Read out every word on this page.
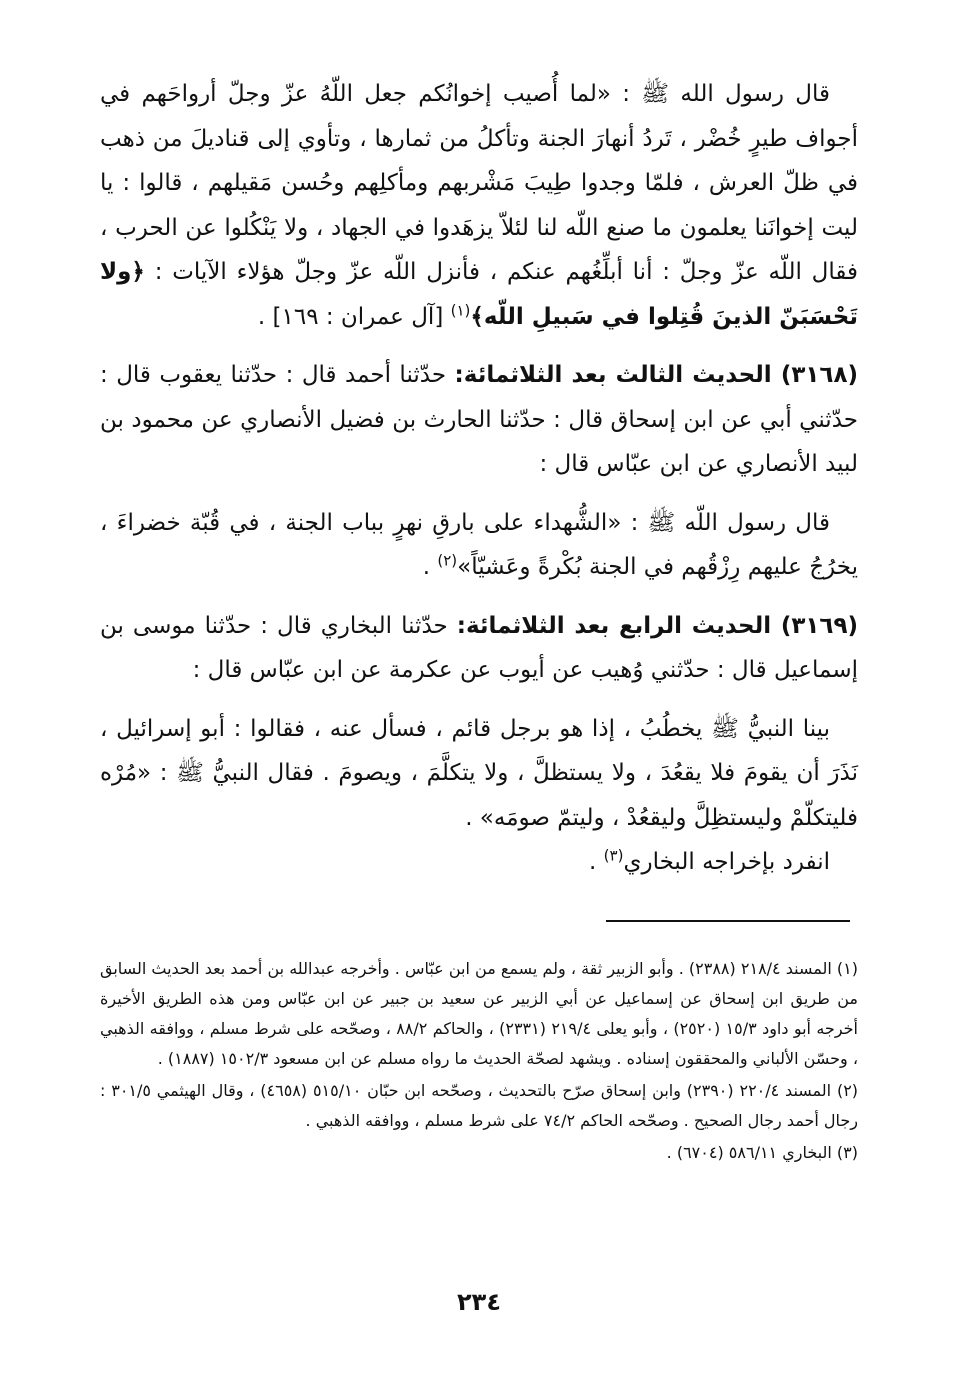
قال رسول الله ﷺ : «لما أُصيب إخوانُكم جعل اللّهُ عزّ وجلّ أرواحَهم في أجواف طيرٍ خُضْر ، تَردُ أنهارَ الجنة وتأكلُ من ثمارها ، وتأوي إلى قناديلَ من ذهب في ظلّ العرش ، فلمّا وجدوا طِيبَ مَشْربهم ومأكلِهم وحُسن مَقيلهم ، قالوا : يا ليت إخوانَنا يعلمون ما صنع اللّه لنا لئلاّ يزهَدوا في الجهاد ، ولا يَنْكُلوا عن الحرب ، فقال اللّه عزّ وجلّ : أنا أبلِّغُهم عنكم ، فأنزل اللّه عزّ وجلّ هؤلاء الآيات : ﴿ولا تَحْسَبَنّ الذينَ قُتِلوا في سَبيلِ اللّه﴾$^{(١)}$ [آل عمران : ١٦٩] .

(٣١٦٨) الحديث الثالث بعد الثلاثمائة: حدّثنا أحمد قال : حدّثنا يعقوب قال : حدّثني أبي عن ابن إسحاق قال : حدّثنا الحارث بن فضيل الأنصاري عن محمود بن لبيد الأنصاري عن ابن عبّاس قال :

قال رسول اللّه ﷺ : «الشُّهداء على بارقِ نهرٍ بباب الجنة ، في قُبّة خضراءَ ، يخرُجُ عليهم رِزْقُهم في الجنة بُكْرةً وعَشيّاً»$^{(٢)}$ .

(٣١٦٩) الحديث الرابع بعد الثلاثمائة: حدّثنا البخاري قال : حدّثنا موسى بن إسماعيل قال : حدّثني وُهيب عن أيوب عن عكرمة عن ابن عبّاس قال :

بينا النبيُّ ﷺ يخطُبُ ، إذا هو برجل قائم ، فسأل عنه ، فقالوا : أبو إسرائيل ، نَذَرَ أن يقومَ فلا يقعُدَ ، ولا يستظلَّ ، ولا يتكلَّمَ ، ويصومَ . فقال النبيُّ ﷺ : «مُرْه فليتكلّمْ وليستظِلَّ وليقعُدْ ، وليتمّ صومَه» .

انفرد بإخراجه البخاري$^{(٣)}$ .

(١) المسند ٢١٨/٤ (٢٣٨٨) . وأبو الزبير ثقة ، ولم يسمع من ابن عبّاس . وأخرجه عبدالله بن أحمد بعد الحديث السابق من طريق ابن إسحاق عن إسماعيل عن أبي الزبير عن سعيد بن جبير عن ابن عبّاس ومن هذه الطريق الأخيرة أخرجه أبو داود ١٥/٣ (٢٥٢٠) ، وأبو يعلى ٢١٩/٤ (٢٣٣١) ، والحاكم ٨٨/٢ ، وصحّحه على شرط مسلم ، ووافقه الذهبي ، وحسّن الألباني والمحققون إسناده . ويشهد لصحّة الحديث ما رواه مسلم عن ابن مسعود ١٥٠٢/٣ (١٨٨٧) .

(٢) المسند ٢٢٠/٤ (٢٣٩٠) وابن إسحاق صرّح بالتحديث ، وصحّحه ابن حبّان ٥١٥/١٠ (٤٦٥٨) ، وقال الهيثمي ٣٠١/٥ : رجال أحمد رجال الصحيح . وصحّحه الحاكم ٧٤/٢ على شرط مسلم ، ووافقه الذهبي .

(٣) البخاري ٥٨٦/١١ (٦٧٠٤) .

٢٣٤
